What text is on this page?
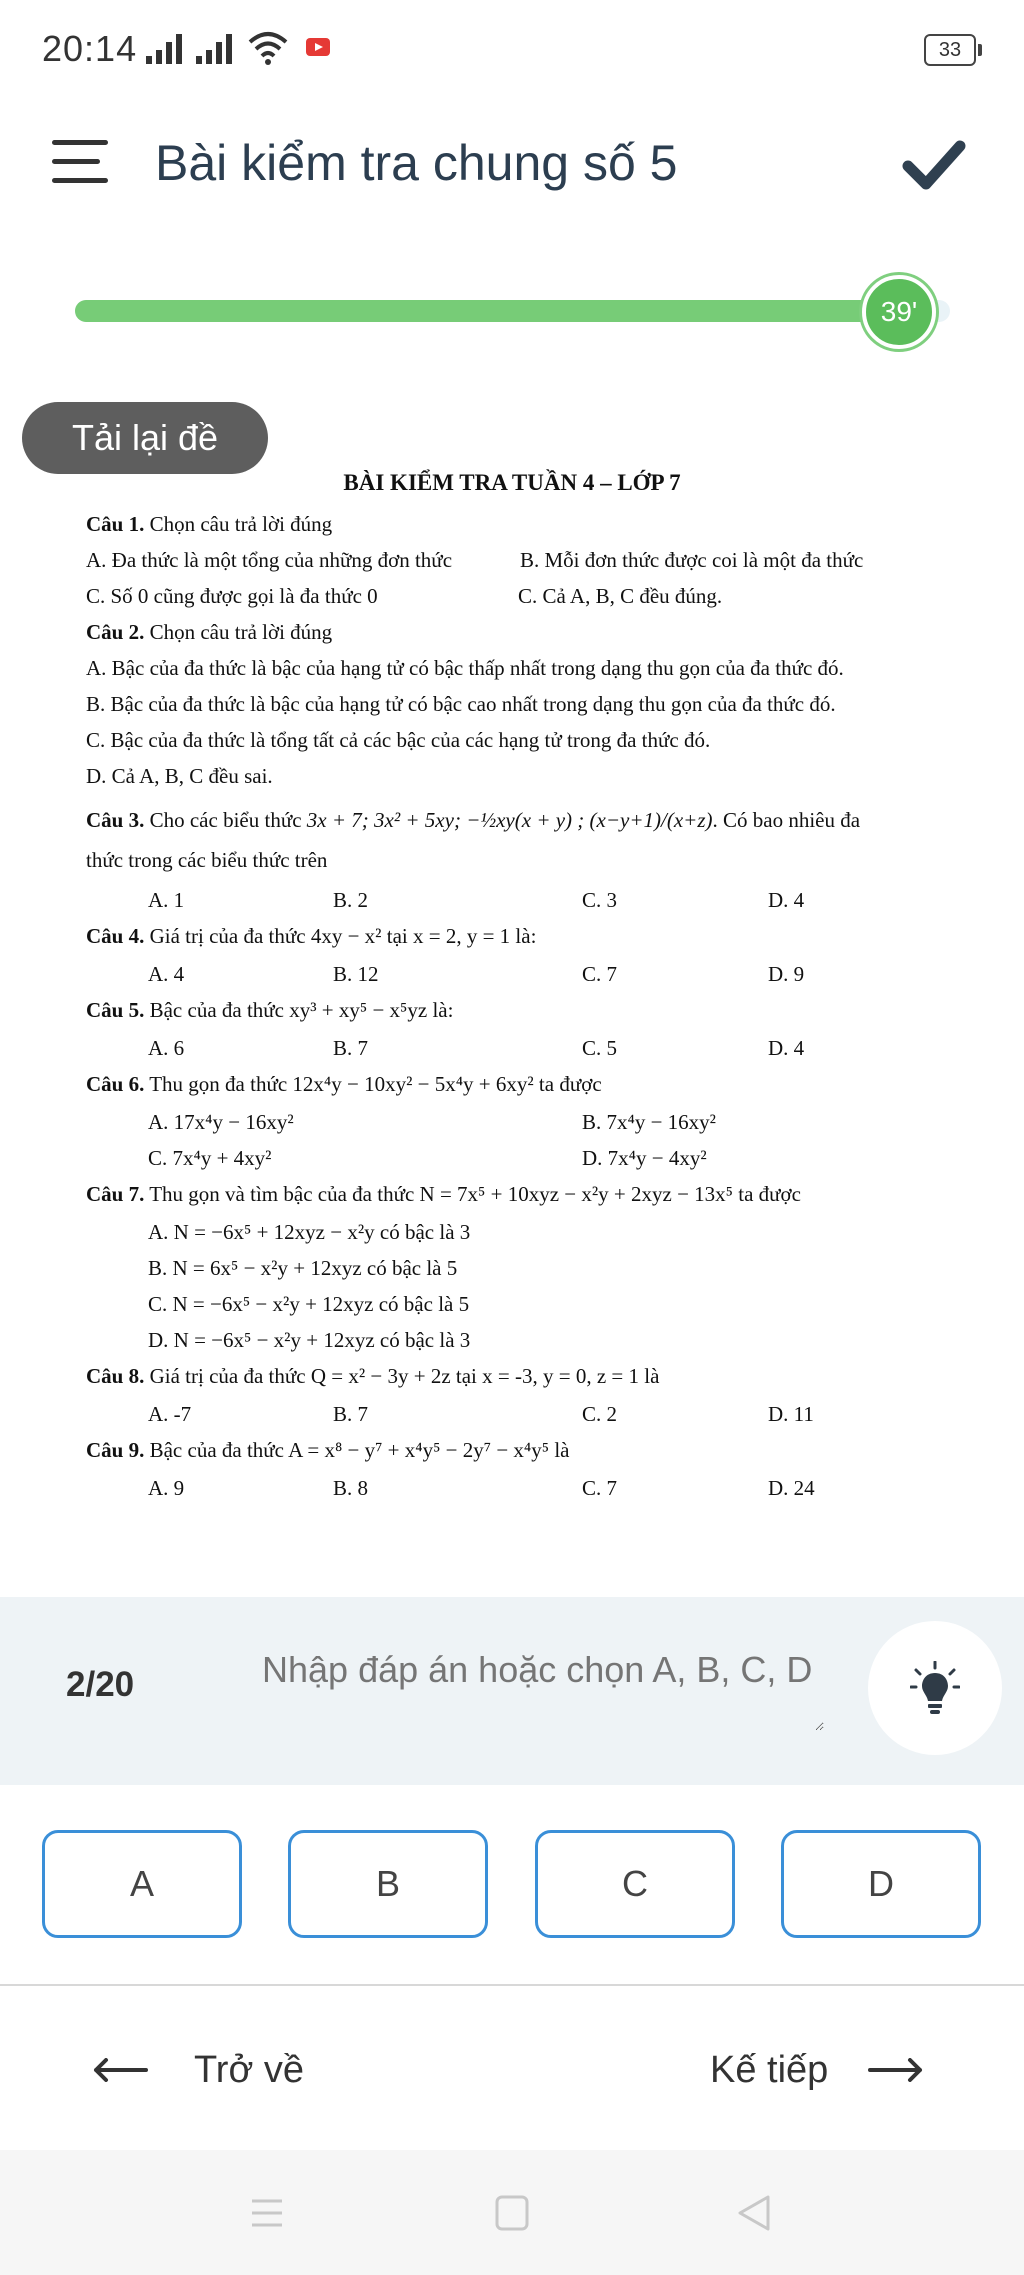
20:14	33
Bài kiểm tra chung số 5
39'
Tải lại đề
BÀI KIỂM TRA TUẦN 4 – LỚP 7
Câu 1. Chọn câu trả lời đúng
A. Đa thức là một tổng của những đơn thức	B. Mỗi đơn thức được coi là một đa thức
C. Số 0 cũng được gọi là đa thức 0	C. Cả A, B, C đều đúng.
Câu 2. Chọn câu trả lời đúng
A. Bậc của đa thức là bậc của hạng tử có bậc thấp nhất trong dạng thu gọn của đa thức đó.
B. Bậc của đa thức là bậc của hạng tử có bậc cao nhất trong dạng thu gọn của đa thức đó.
C. Bậc của đa thức là tổng tất cả các bậc của các hạng tử trong đa thức đó.
D. Cả A, B, C đều sai.
Câu 3. Cho các biểu thức 3x + 7; 3x² + 5xy; −½xy(x + y) ; (x−y+1)/(x+z). Có bao nhiêu đa
thức trong các biểu thức trên
A. 1	B. 2	C. 3	D. 4
Câu 4. Giá trị của đa thức 4xy − x² tại x = 2, y = 1 là:
A. 4	B. 12	C. 7	D. 9
Câu 5. Bậc của đa thức xy³ + xy⁵ − x⁵yz là:
A. 6	B. 7	C. 5	D. 4
Câu 6. Thu gọn đa thức 12x⁴y − 10xy² − 5x⁴y + 6xy² ta được
A. 17x⁴y − 16xy²	B. 7x⁴y − 16xy²
C. 7x⁴y + 4xy²	D. 7x⁴y − 4xy²
Câu 7. Thu gọn và tìm bậc của đa thức N = 7x⁵ + 10xyz − x²y + 2xyz − 13x⁵ ta được
A. N = −6x⁵ + 12xyz − x²y có bậc là 3
B. N = 6x⁵ − x²y + 12xyz có bậc là 5
C. N = −6x⁵ − x²y + 12xyz có bậc là 5
D. N = −6x⁵ − x²y + 12xyz có bậc là 3
Câu 8. Giá trị của đa thức Q = x² − 3y + 2z tại x = -3, y = 0, z = 1 là
A. -7	B. 7	C. 2	D. 11
Câu 9. Bậc của đa thức A = x⁸ − y⁷ + x⁴y⁵ − 2y⁷ − x⁴y⁵ là
A. 9	B. 8	C. 7	D. 24
2/20
Nhập đáp án hoặc chọn A, B, C, D
A	B	C	D
Trở về	Kế tiếp
